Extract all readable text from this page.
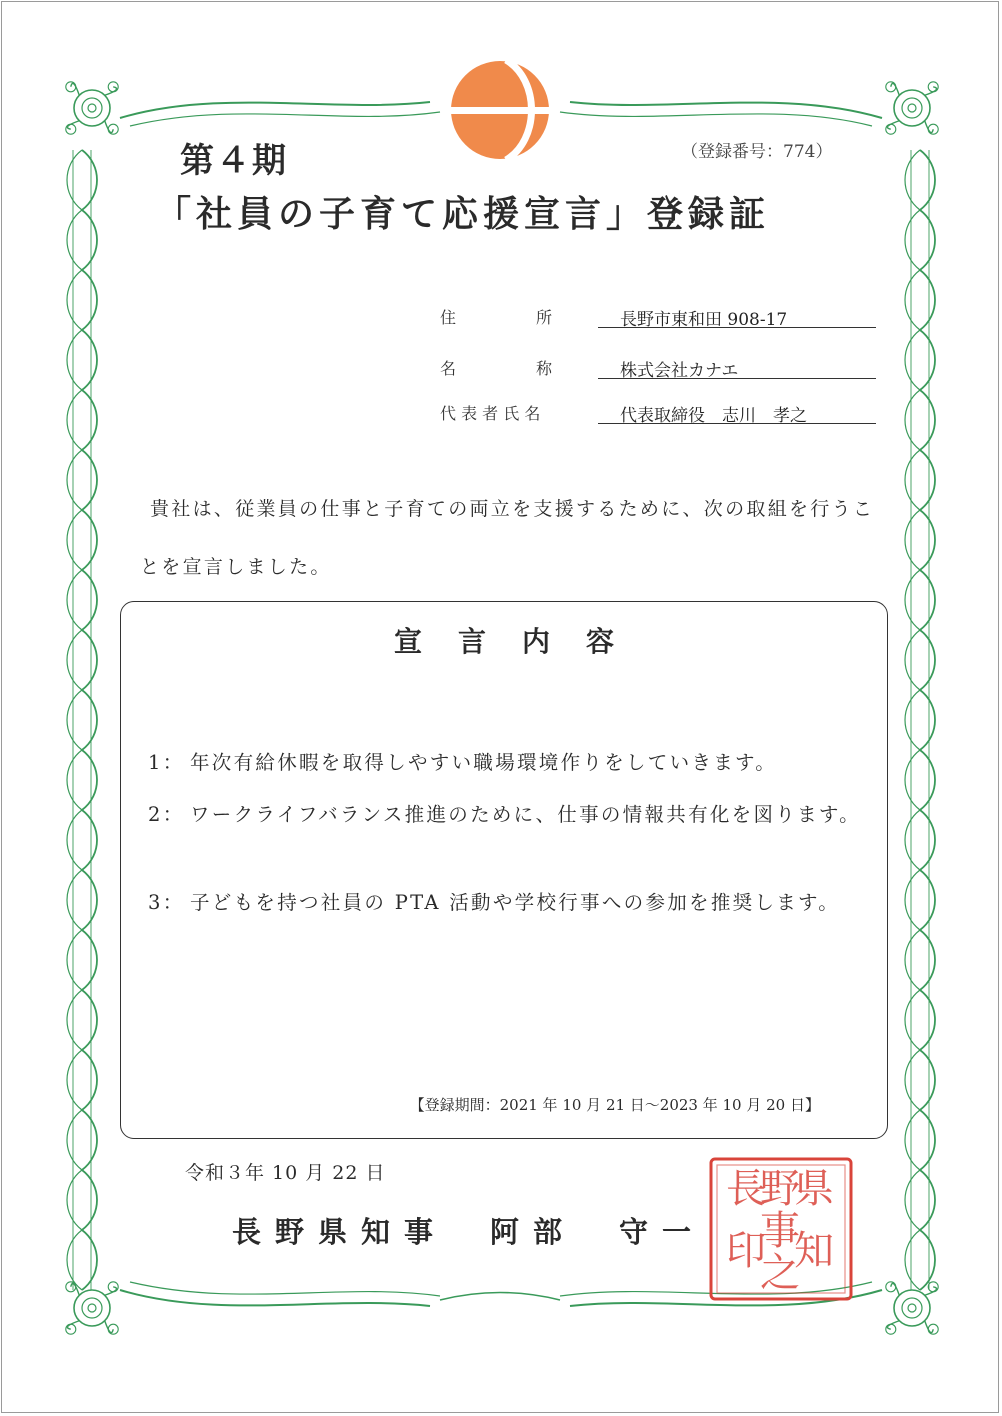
第４期	（登録番号：774）
「社員の子育て応援宣言」登録証
住　　　　　所	長野市東和田 908-17
名　　　　　称	株式会社カナエ
代 表 者 氏 名	代表取締役　志川　孝之
貴社は、従業員の仕事と子育ての両立を支援するために、次の取組を行うことを宣言しました。
宣言内容
1： 年次有給休暇を取得しやすい職場環境作りをしていきます。
2： ワークライフバランス推進のために、仕事の情報共有化を図ります。
3： 子どもを持つ社員の PTA 活動や学校行事への参加を推奨します。
【登録期間：2021 年 10 月 21 日～2023 年 10 月 20 日】
令和３年 10 月 22 日
長野県知事　阿部　守一
県
知
野
事
之
長
印
